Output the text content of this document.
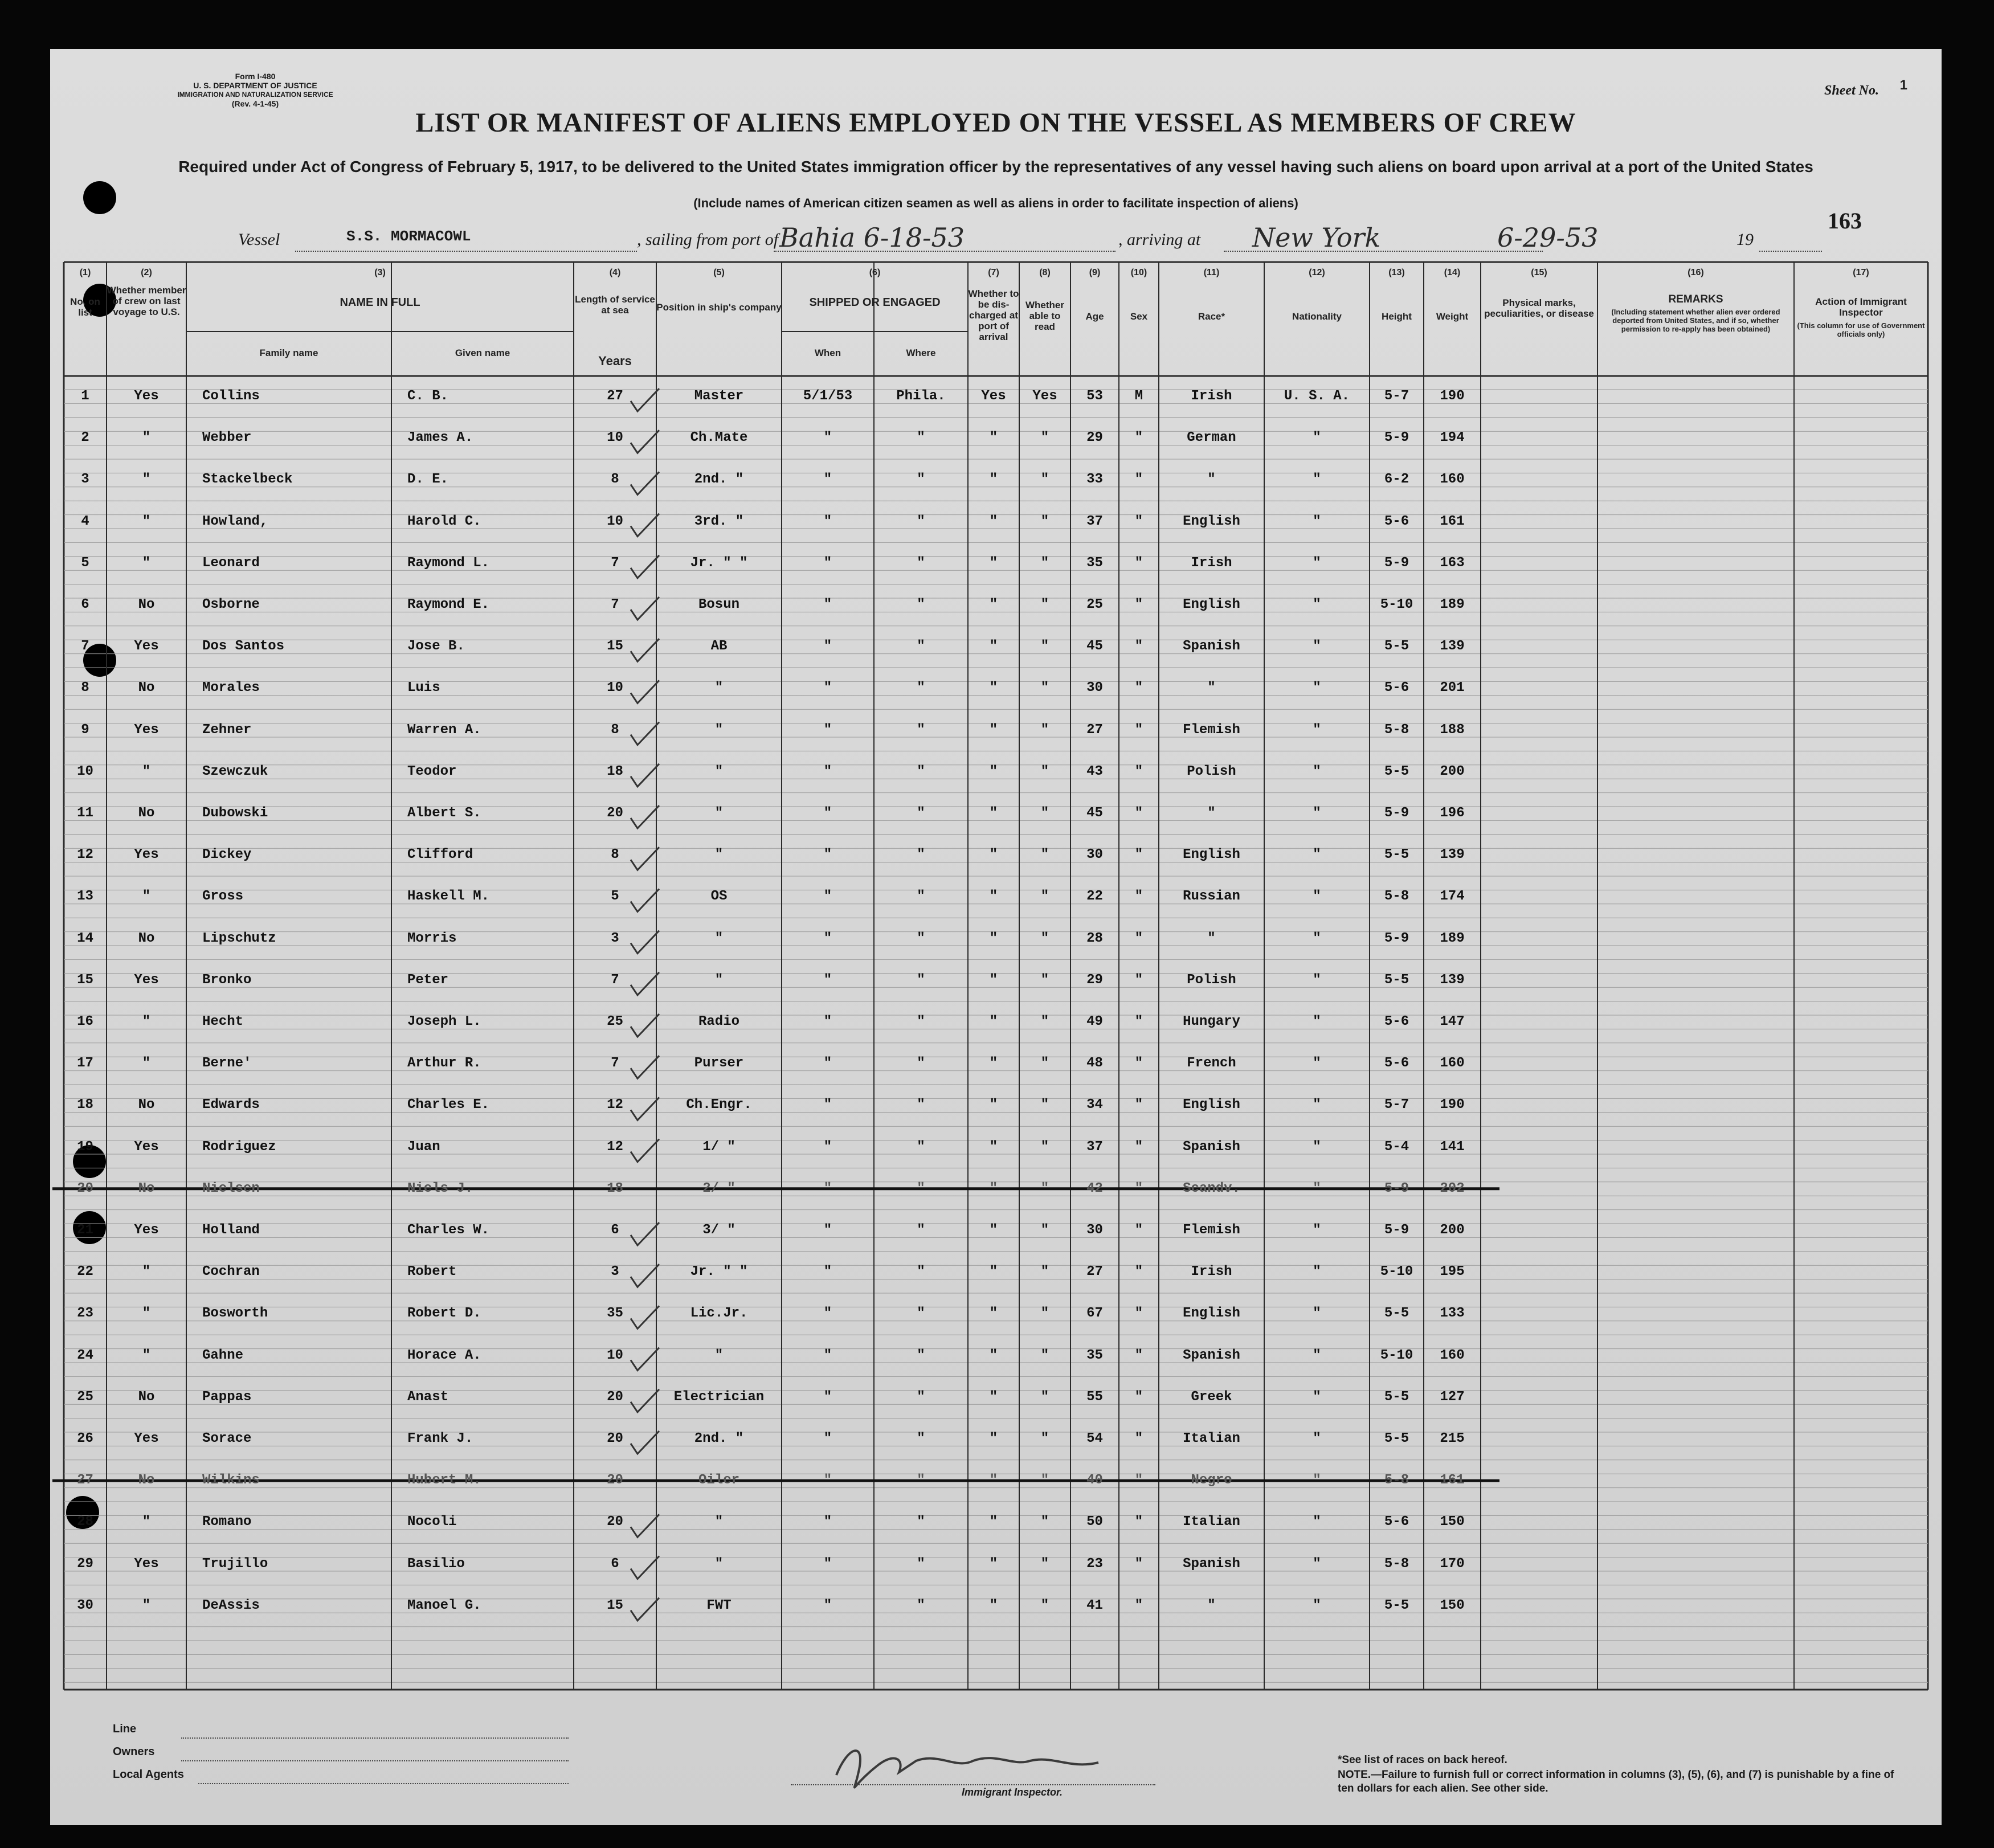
Form I-480
U. S. DEPARTMENT OF JUSTICE
IMMIGRATION AND NATURALIZATION SERVICE
(Rev. 4-1-45)
Sheet No. 1
LIST OR MANIFEST OF ALIENS EMPLOYED ON THE VESSEL AS MEMBERS OF CREW
Required under Act of Congress of February 5, 1917, to be delivered to the United States immigration officer by the representatives of any vessel having such aliens on board upon arrival at a port of the United States
(Include names of American citizen seamen as well as aliens in order to facilitate inspection of aliens)
163
Vessel	S.S. MORMACOWL	, sailing from port of Bahia 6-18-53	, arriving at New York	6-29-53	19
(1)	(2)	(3)	(4)	(5)	(6)	(7)	(8)	(9)	(10)	(11)	(12)	(13)	(14)	(15)	(16)	(17)
No. on list
Whether member of crew on last voyage to U.S.
NAME IN FULL
Family name	Given name
Length of service at sea
Years
Position in ship's company	SHIPPED OR ENGAGED
When	Where
Whether to be dis-charged at port of arrival
Whether able to read
Age	Sex	Race*	Nationality	Height	Weight
Physical marks, peculiarities, or disease
REMARKS
(Including statement whether alien ever ordered deported from United States, and if so, whether permission to re-apply has been obtained)
Action of Immigrant Inspector
(This column for use of Government officials only)
1	Yes	Collins	C. B.	27	Master	5/1/53	Phila.	Yes	Yes	53	M	Irish	U. S. A.	5-7	190
2	"	Webber	James A.	10	Ch.Mate	"	"	"	"	29	"	German	"	5-9	194
3	"	Stackelbeck	D. E.	8	2nd. "	"	"	"	"	33	"	"	"	6-2	160
4	"	Howland,	Harold C.	10	3rd. "	"	"	"	"	37	"	English	"	5-6	161
5	"	Leonard	Raymond L.	7	Jr. " "	"	"	"	"	35	"	Irish	"	5-9	163
6	No	Osborne	Raymond E.	7	Bosun	"	"	"	"	25	"	English	"	5-10	189
7	Yes	Dos Santos	Jose B.	15	AB	"	"	"	"	45	"	Spanish	"	5-5	139
8	No	Morales	Luis	10	"	"	"	"	"	30	"	"	"	5-6	201
9	Yes	Zehner	Warren A.	8	"	"	"	"	"	27	"	Flemish	"	5-8	188
10	"	Szewczuk	Teodor	18	"	"	"	"	"	43	"	Polish	"	5-5	200
11	No	Dubowski	Albert S.	20	"	"	"	"	"	45	"	"	"	5-9	196
12	Yes	Dickey	Clifford	8	"	"	"	"	"	30	"	English	"	5-5	139
13	"	Gross	Haskell M.	5	OS	"	"	"	"	22	"	Russian	"	5-8	174
14	No	Lipschutz	Morris	3	"	"	"	"	"	28	"	"	"	5-9	189
15	Yes	Bronko	Peter	7	"	"	"	"	"	29	"	Polish	"	5-5	139
16	"	Hecht	Joseph L.	25	Radio	"	"	"	"	49	"	Hungary	"	5-6	147
17	"	Berne'	Arthur R.	7	Purser	"	"	"	"	48	"	French	"	5-6	160
18	No	Edwards	Charles E.	12	Ch.Engr.	"	"	"	"	34	"	English	"	5-7	190
19	Yes	Rodriguez	Juan	12	1/ "	"	"	"	"	37	"	Spanish	"	5-4	141
20	No	Nielsen	Niels J.	18	2/ "	"	"	"	"	42	"	Scandv.	"	5-9	202
21	Yes	Holland	Charles W.	6	3/ "	"	"	"	"	30	"	Flemish	"	5-9	200
22	"	Cochran	Robert	3	Jr. " "	"	"	"	"	27	"	Irish	"	5-10	195
23	"	Bosworth	Robert D.	35	Lic.Jr.	"	"	"	"	67	"	English	"	5-5	133
24	"	Gahne	Horace A.	10	"	"	"	"	"	35	"	Spanish	"	5-10	160
25	No	Pappas	Anast	20	Electrician	"	"	"	"	55	"	Greek	"	5-5	127
26	Yes	Sorace	Frank J.	20	2nd. "	"	"	"	"	54	"	Italian	"	5-5	215
27	No	Wilkins	Hubert M.	20	Oiler	"	"	"	"	40	"	Negro	"	5-8	161
28	"	Romano	Nocoli	20	"	"	"	"	"	50	"	Italian	"	5-6	150
29	Yes	Trujillo	Basilio	6	"	"	"	"	"	23	"	Spanish	"	5-8	170
30	"	DeAssis	Manoel G.	15	FWT	"	"	"	"	41	"	"	"	5-5	150
Line
Owners
Local Agents
Immigrant Inspector.
*See list of races on back hereof.
NOTE.—Failure to furnish full or correct information in columns (3), (5), (6), and (7) is punishable by a fine of ten dollars for each alien. See other side.
